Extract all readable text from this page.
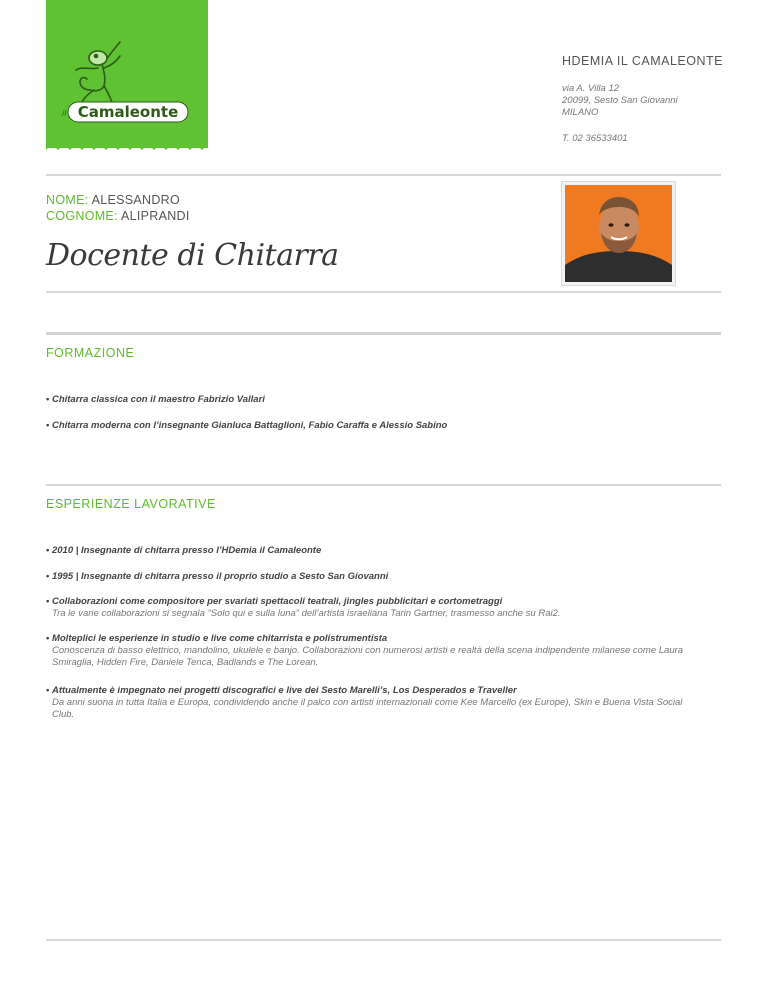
il Camaleonte
HDEMIA IL CAMALEONTE
via A. Villa 12
20099, Sesto San Giovanni
MILANO
T. 02 36533401
NOME: ALESSANDRO
COGNOME: ALIPRANDI
Docente di Chitarra
FORMAZIONE
• Chitarra classica con il maestro Fabrizio Vallari
• Chitarra moderna con l’insegnante Gianluca Battaglioni, Fabio Caraffa e Alessio Sabino
ESPERIENZE LAVORATIVE
• 2010 | Insegnante di chitarra presso l’HDemia il Camaleonte
• 1995 | Insegnante di chitarra presso il proprio studio a Sesto San Giovanni
• Collaborazioni come compositore per svariati spettacoli teatrali, jingles pubblicitari e cortometraggi
Tra le varie collaborazioni si segnala “Solo qui e sulla luna” dell’artista israeliana Tarin Gartner, trasmesso anche su Rai2.
• Molteplici le esperienze in studio e live come chitarrista e polistrumentista
Conoscenza di basso elettrico, mandolino, ukulele e banjo. Collaborazioni con numerosi artisti e realtà della scena indipendente milanese come Laura Smiraglia, Hidden Fire, Daniele Tenca, Badlands e The Lorean.
• Attualmente è impegnato nei progetti discografici e live dei Sesto Marelli’s, Los Desperados e Traveller
Da anni suona in tutta Italia e Europa, condividendo anche il palco con artisti internazionali come Kee Marcello (ex Europe), Skin e Buena Vista Social Club.
